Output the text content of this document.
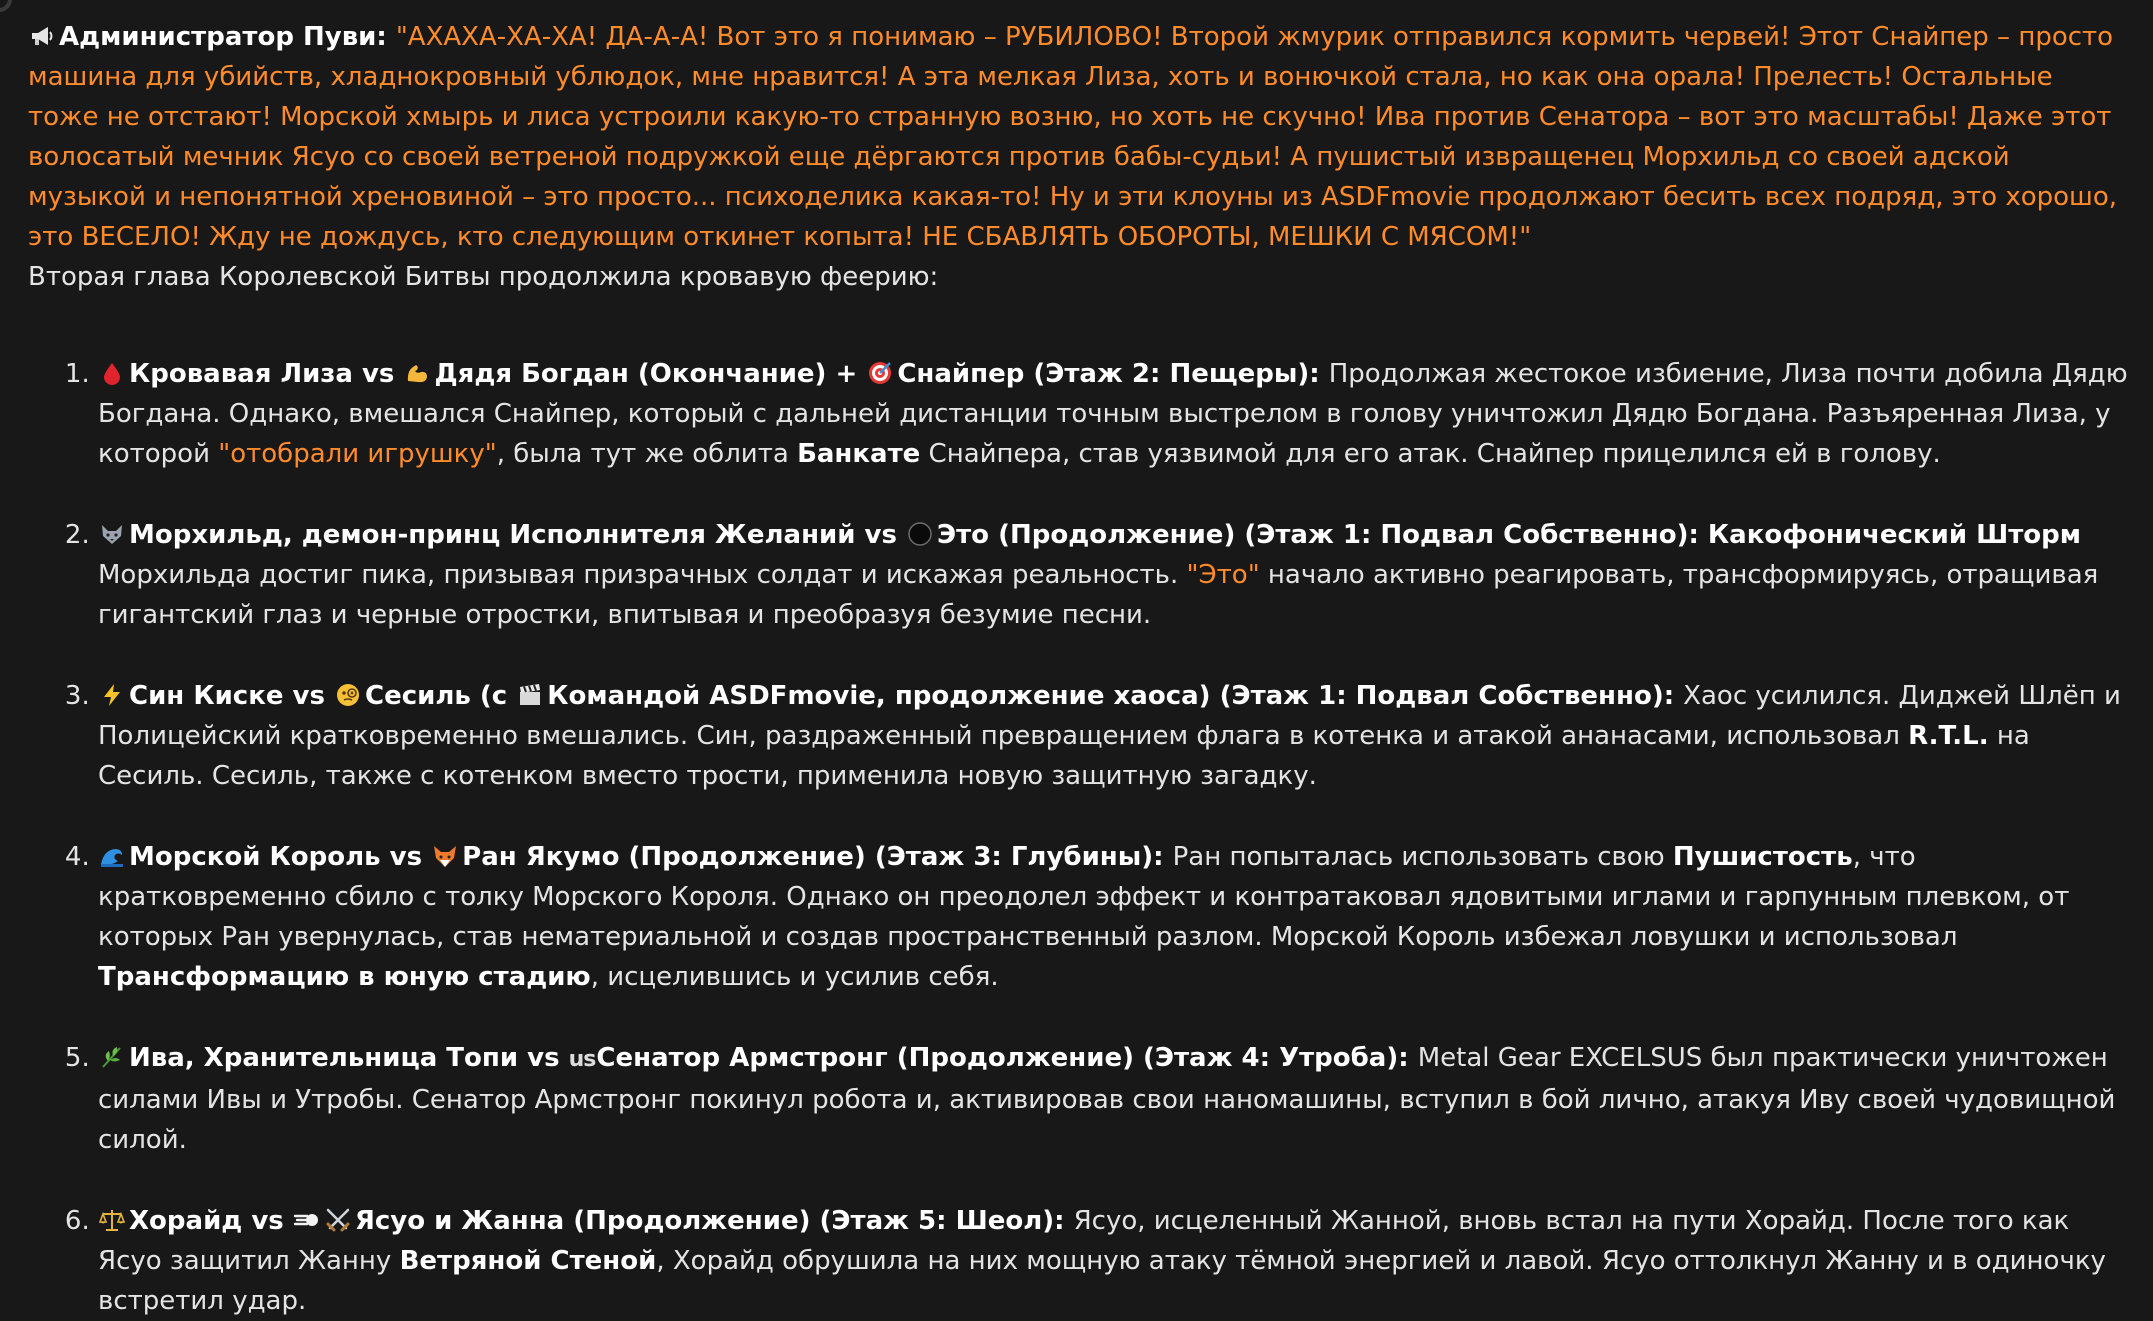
Администратор Пуви: "АХАХА-ХА-ХА! ДА-А-А! Вот это я понимаю – РУБИЛОВО! Второй жмурик отправился кормить червей! Этот Снайпер – просто машина для убийств, хладнокровный ублюдок, мне нравится! А эта мелкая Лиза, хоть и вонючкой стала, но как она орала! Прелесть! Остальные тоже не отстают! Морской хмырь и лиса устроили какую-то странную возню, но хоть не скучно! Ива против Сенатора – вот это масштабы! Даже этот волосатый мечник Ясуо со своей ветреной подружкой еще дёргаются против бабы-судьи! А пушистый извращенец Морхильд со своей адской музыкой и непонятной хреновиной – это просто... психоделика какая-то! Ну и эти клоуны из ASDFmovie продолжают бесить всех подряд, это хорошо, это ВЕСЕЛО! Жду не дождусь, кто следующим откинет копыта! НЕ СБАВЛЯТЬ ОБОРОТЫ, МЕШКИ С МЯСОМ!"

Вторая глава Королевской Битвы продолжила кровавую феерию:

1.
Кровавая Лиза vs
Дядя Богдан (Окончание) +
Снайпер (Этаж 2: Пещеры): Продолжая жестокое избиение, Лиза почти добила Дядю Богдана. Однако, вмешался Снайпер, который с дальней дистанции точным выстрелом в голову уничтожил Дядю Богдана. Разъяренная Лиза, у которой "отобрали игрушку", была тут же облита Банкате Снайпера, став уязвимой для его атак. Снайпер прицелился ей в голову.
2.
Морхильд, демон-принц Исполнителя Желаний vs
Это (Продолжение) (Этаж 1: Подвал Собственно): Какофонический Шторм Морхильда достиг пика, призывая призрачных солдат и искажая реальность. "Это" начало активно реагировать, трансформируясь, отращивая гигантский глаз и черные отростки, впитывая и преобразуя безумие песни.
3.
Син Киске vs
Сесиль (с
Командой ASDFmovie, продолжение хаоса) (Этаж 1: Подвал Собственно): Хаос усилился. Диджей Шлёп и Полицейский кратковременно вмешались. Син, раздраженный превращением флага в котенка и атакой ананасами, использовал R.T.L. на Сесиль. Сесиль, также с котенком вместо трости, применила новую защитную загадку.
4.
Морской Король vs
Ран Якумо (Продолжение) (Этаж 3: Глубины): Ран попыталась использовать свою Пушистость, что кратковременно сбило с толку Морского Короля. Однако он преодолел эффект и контратаковал ядовитыми иглами и гарпунным плевком, от которых Ран увернулась, став нематериальной и создав пространственный разлом. Морской Король избежал ловушки и использовал Трансформацию в юную стадию, исцелившись и усилив себя.
5.
Ива, Хранительница Топи vs usСенатор Армстронг (Продолжение) (Этаж 4: Утроба): Metal Gear EXCELSUS был практически уничтожен силами Ивы и Утробы. Сенатор Армстронг покинул робота и, активировав свои наномашины, вступил в бой лично, атакуя Иву своей чудовищной силой.
6.
Хорайд vs
Ясуо и Жанна (Продолжение) (Этаж 5: Шеол): Ясуо, исцеленный Жанной, вновь встал на пути Хорайд. После того как Ясуо защитил Жанну Ветряной Стеной, Хорайд обрушила на них мощную атаку тёмной энергией и лавой. Ясуо оттолкнул Жанну и в одиночку встретил удар.
